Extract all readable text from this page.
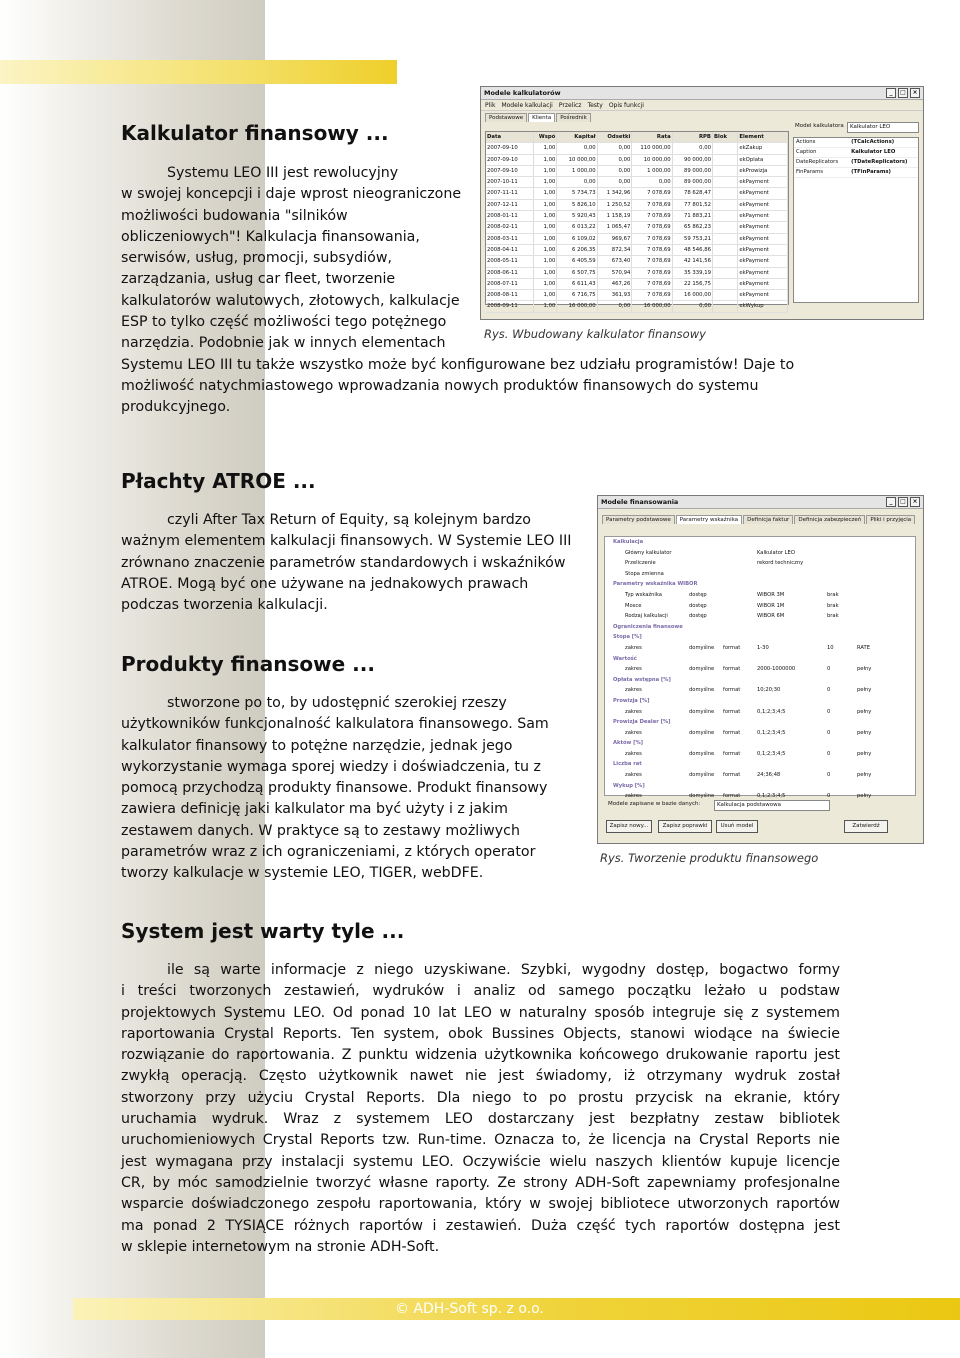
Kalkulator finansowy ...
Systemu LEO III jest rewolucyjny
w swojej koncepcji i daje wprost nieograniczone
możliwości budowania "silników
obliczeniowych"! Kalkulacja finansowania,
serwisów, usług, promocji, subsydiów,
zarządzania, usług car fleet, tworzenie
kalkulatorów walutowych, złotowych, kalkulacje
ESP to tylko część możliwości tego potężnego
narzędzia. Podobnie jak w innych elementach
Systemu LEO III tu także wszystko może być konfigurowane bez udziału programistów! Daje to
możliwość natychmiastowego wprowadzania nowych produktów finansowych do systemu
produkcyjnego.
Modele kalkulatorów	_	□	×
Plik Modele kalkulacji Przelicz Testy Opis funkcji
Podstawowe	Klienta	Pośrednik
Data	Wspó	Kapitał	Odsetki	Rata	RPB Blok	Element
2007-09-10	1,00	0,00	0,00	110 000,00	0,00	ekZakup
2007-09-10	1,00	10 000,00	0,00	10 000,00	90 000,00	ekOplata
2007-09-10	1,00	1 000,00	0,00	1 000,00	89 000,00	ekProwizja
2007-10-11	1,00	0,00	0,00	0,00	89 000,00	ekPayment
2007-11-11	1,00	5 734,73	1 342,96	7 078,69	78 628,47	ekPayment
2007-12-11	1,00	5 826,10	1 250,52	7 078,69	77 801,52	ekPayment
2008-01-11	1,00	5 920,43	1 158,19	7 078,69	71 883,21	ekPayment
2008-02-11	1,00	6 013,22	1 065,47	7 078,69	65 862,23	ekPayment
2008-03-11	1,00	6 109,02	969,67	7 078,69	59 753,21	ekPayment
2008-04-11	1,00	6 206,35	872,34	7 078,69	48 546,86	ekPayment
2008-05-11	1,00	6 405,59	673,40	7 078,69	42 141,56	ekPayment
2008-06-11	1,00	6 507,75	570,94	7 078,69	35 339,19	ekPayment
2008-07-11	1,00	6 611,43	467,26	7 078,69	22 156,75	ekPayment
2008-08-11	1,00	6 716,75	361,93	7 078,69	16 000,00	ekPayment
2008-09-11	1,00	16 000,00	0,00	16 000,00	0,00	ekWykup
Model kalkulatora	Kalkulator LEO
Actions	(TCalcActions)
Caption	Kalkulator LEO
DateReplicators	(TDateReplicators)
FinParams	(TFinParams)
Rys. Wbudowany kalkulator finansowy
Płachty ATROE ...
czyli After Tax Return of Equity, są kolejnym bardzo
ważnym elementem kalkulacji finansowych. W Systemie LEO III
zrównano znaczenie parametrów standardowych i wskaźników
ATROE. Mogą być one używane na jednakowych prawach
podczas tworzenia kalkulacji.
Modele finansowania	_	□	×
Parametry podstawowe	Parametry wskaźnika	Definicja faktur	Definicja zabezpieczeń	Pliki i przyjęcia
Kalkulacja
Główny kalkulator	Kalkulator LEO
Przeliczenie	rekord techniczny
Stopa zmienna
Parametry wskaźnika WIBOR
Typ wskaźnika	dostęp	WIBOR 3M	brak
Mosce	dostęp	WIBOR 1M	brak
Rodzaj kalkulacji	dostęp	WIBOR 6M	brak
Ograniczenia finansowe
Stopa [%]
zakres	domyślne	format	1-30	10	RATE
Wartość
zakres	domyślne	format	2000-1000000	0	pełny
Opłata wstępna [%]
zakres	domyślne	format	10;20;30	0	pełny
Prowizja [%]
zakres	domyślne	format	0,1;2;3;4;5	0	pełny
Prowizja Dealer [%]
zakres	domyślne	format	0,1;2;3;4;5	0	pełny
Aktów [%]
zakres	domyślne	format	0,1;2;3;4;5	0	pełny
Liczba rat
zakres	domyślne	format	24;36;48	0	pełny
Wykup [%]
zakres	domyślne	format	0,1;2;3;4;5	0	pełny
Modele zapisane w bazie danych:	Kalkulacja podstawowa
Zapisz nowy...	Zapisz poprawki	Usuń model	Zatwierdź
Produkty finansowe ...
stworzone po to, by udostępnić szerokiej rzeszy
użytkowników funkcjonalność kalkulatora finansowego. Sam
kalkulator finansowy to potężne narzędzie, jednak jego
wykorzystanie wymaga sporej wiedzy i doświadczenia, tu z
pomocą przychodzą produkty finansowe. Produkt finansowy
zawiera definicję jaki kalkulator ma być użyty i z jakim
zestawem danych. W praktyce są to zestawy możliwych
parametrów wraz z ich ograniczeniami, z których operator
tworzy kalkulacje w systemie LEO, TIGER, webDFE.
Rys. Tworzenie produktu finansowego
System jest warty tyle ...
ile są warte informacje z niego uzyskiwane. Szybki, wygodny dostęp, bogactwo formy
i treści tworzonych zestawień, wydruków i analiz od samego początku leżało u podstaw
projektowych Systemu LEO. Od ponad 10 lat LEO w naturalny sposób integruje się z systemem
raportowania Crystal Reports. Ten system, obok Bussines Objects, stanowi wiodące na świecie
rozwiązanie do raportowania. Z punktu widzenia użytkownika końcowego drukowanie raportu jest
zwykłą operacją. Często użytkownik nawet nie jest świadomy, iż otrzymany wydruk został
stworzony przy użyciu Crystal Reports. Dla niego to po prostu przycisk na ekranie, który
uruchamia wydruk. Wraz z systemem LEO dostarczany jest bezpłatny zestaw bibliotek
uruchomieniowych Crystal Reports tzw. Run-time. Oznacza to, że licencja na Crystal Reports nie
jest wymagana przy instalacji systemu LEO. Oczywiście wielu naszych klientów kupuje licencje
CR, by móc samodzielnie tworzyć własne raporty. Ze strony ADH-Soft zapewniamy profesjonalne
wsparcie doświadczonego zespołu raportowania, który w swojej bibliotece utworzonych raportów
ma ponad 2 TYSIĄCE różnych raportów i zestawień. Duża część tych raportów dostępna jest
w sklepie internetowym na stronie ADH-Soft.
© ADH-Soft sp. z o.o.
